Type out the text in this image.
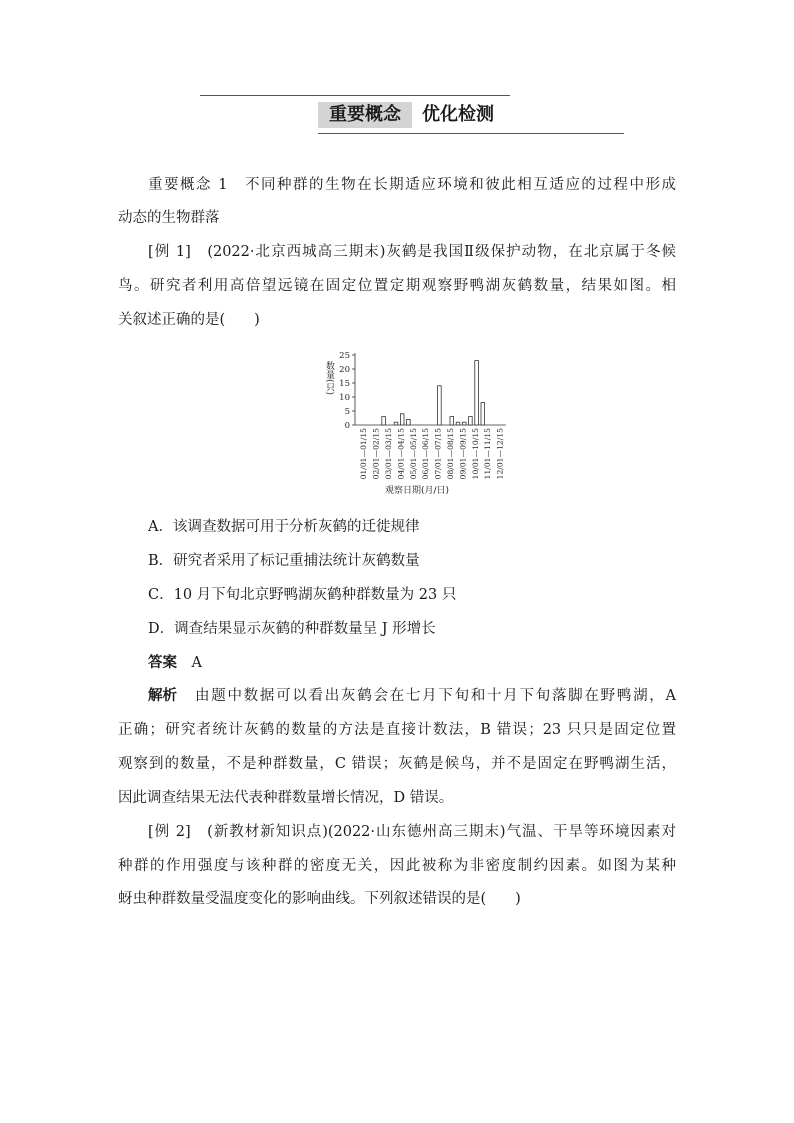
重要概念	优化检测
重要概念 1　不同种群的生物在长期适应环境和彼此相互适应的过程中形成
动态的生物群落
[例 1]　(2022·北京西城高三期末)灰鹤是我国Ⅱ级保护动物，在北京属于冬候
鸟。研究者利用高倍望远镜在固定位置定期观察野鸭湖灰鹤数量，结果如图。相
关叙述正确的是(　　)
0
5
10
15
20
25
数量(只)
01/01—01/15 02/01—02/15 03/01—03/15 04/01—04/15 05/01—05/15 06/01—06/15 07/01—07/15 08/01—08/15 09/01—09/15 10/01—10/15 11/01—11/15 12/01—12/15
观察日期(月/日)
A．该调查数据可用于分析灰鹤的迁徙规律
B．研究者采用了标记重捕法统计灰鹤数量
C．10 月下旬北京野鸭湖灰鹤种群数量为 23 只
D．调查结果显示灰鹤的种群数量呈 J 形增长
答案　 A
解析 由题中数据可以看出灰鹤会在七月下旬和十月下旬落脚在野鸭湖，A
正确；研究者统计灰鹤的数量的方法是直接计数法，B 错误；23 只只是固定位置
观察到的数量，不是种群数量，C 错误；灰鹤是候鸟，并不是固定在野鸭湖生活，
因此调查结果无法代表种群数量增长情况，D 错误。
[例 2]　(新教材新知识点)(2022·山东德州高三期末)气温、干旱等环境因素对
种群的作用强度与该种群的密度无关，因此被称为非密度制约因素。如图为某种
蚜虫种群数量受温度变化的影响曲线。下列叙述错误的是(　　)
